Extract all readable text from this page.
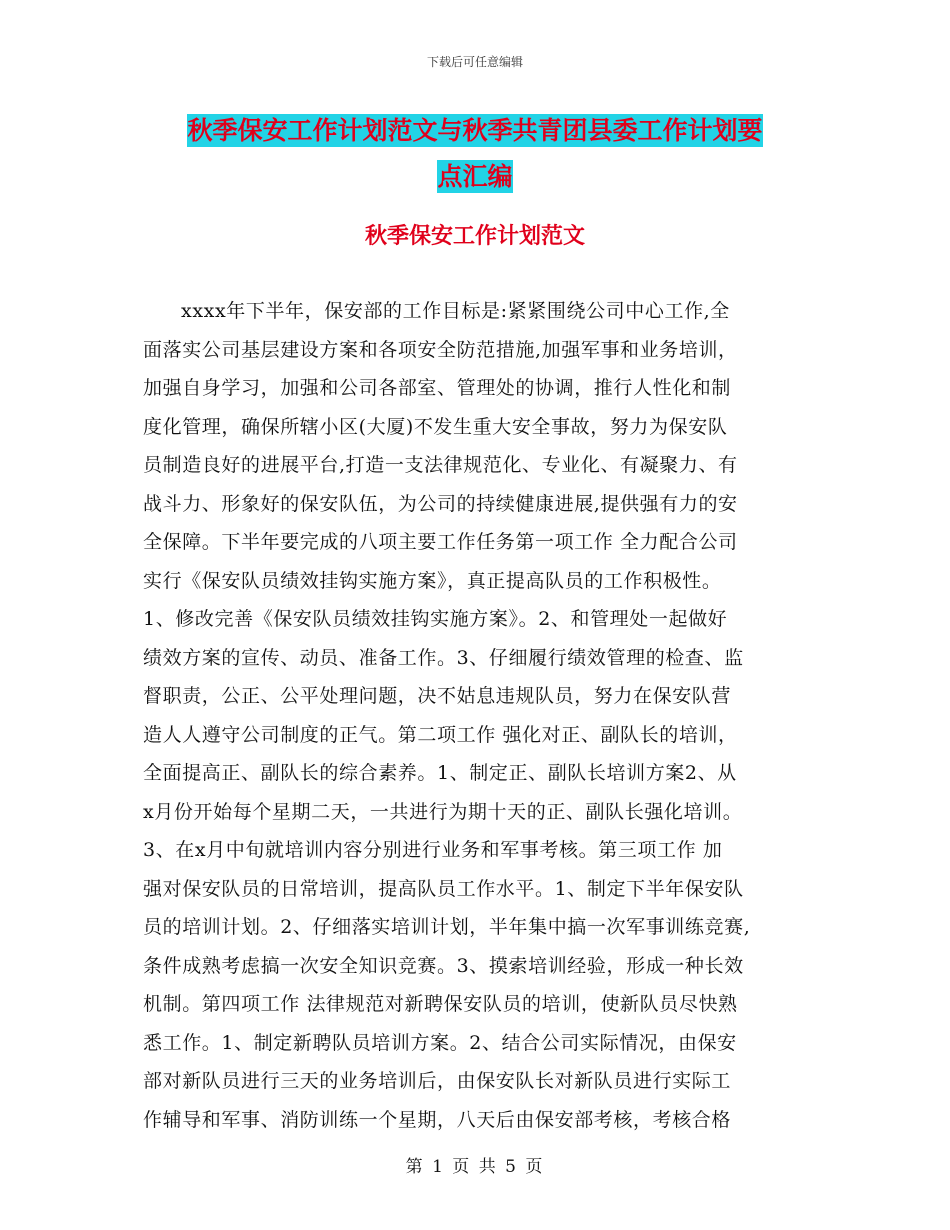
下载后可任意编辑
秋季保安工作计划范文与秋季共青团县委工作计划要
点汇编
秋季保安工作计划范文
xxxx年下半年，保安部的工作目标是:紧紧围绕公司中心工作,全
面落实公司基层建设方案和各项安全防范措施,加强军事和业务培训，
加强自身学习，加强和公司各部室、管理处的协调，推行人性化和制
度化管理，确保所辖小区(大厦)不发生重大安全事故，努力为保安队
员制造良好的进展平台,打造一支法律规范化、专业化、有凝聚力、有
战斗力、形象好的保安队伍，为公司的持续健康进展,提供强有力的安
全保障。下半年要完成的八项主要工作任务第一项工作 全力配合公司
实行《保安队员绩效挂钩实施方案》，真正提高队员的工作积极性。
1、修改完善《保安队员绩效挂钩实施方案》。2、和管理处一起做好
绩效方案的宣传、动员、准备工作。3、仔细履行绩效管理的检查、监
督职责，公正、公平处理问题，决不姑息违规队员，努力在保安队营
造人人遵守公司制度的正气。第二项工作 强化对正、副队长的培训，
全面提高正、副队长的综合素养。1、制定正、副队长培训方案2、从
x月份开始每个星期二天，一共进行为期十天的正、副队长强化培训。
3、在x月中旬就培训内容分别进行业务和军事考核。第三项工作 加
强对保安队员的日常培训，提高队员工作水平。1、制定下半年保安队
员的培训计划。2、仔细落实培训计划，半年集中搞一次军事训练竞赛,
条件成熟考虑搞一次安全知识竞赛。3、摸索培训经验，形成一种长效
机制。第四项工作 法律规范对新聘保安队员的培训，使新队员尽快熟
悉工作。1、制定新聘队员培训方案。2、结合公司实际情况，由保安
部对新队员进行三天的业务培训后，由保安队长对新队员进行实际工
作辅导和军事、消防训练一个星期，八天后由保安部考核，考核合格
第 1 页 共 5 页
